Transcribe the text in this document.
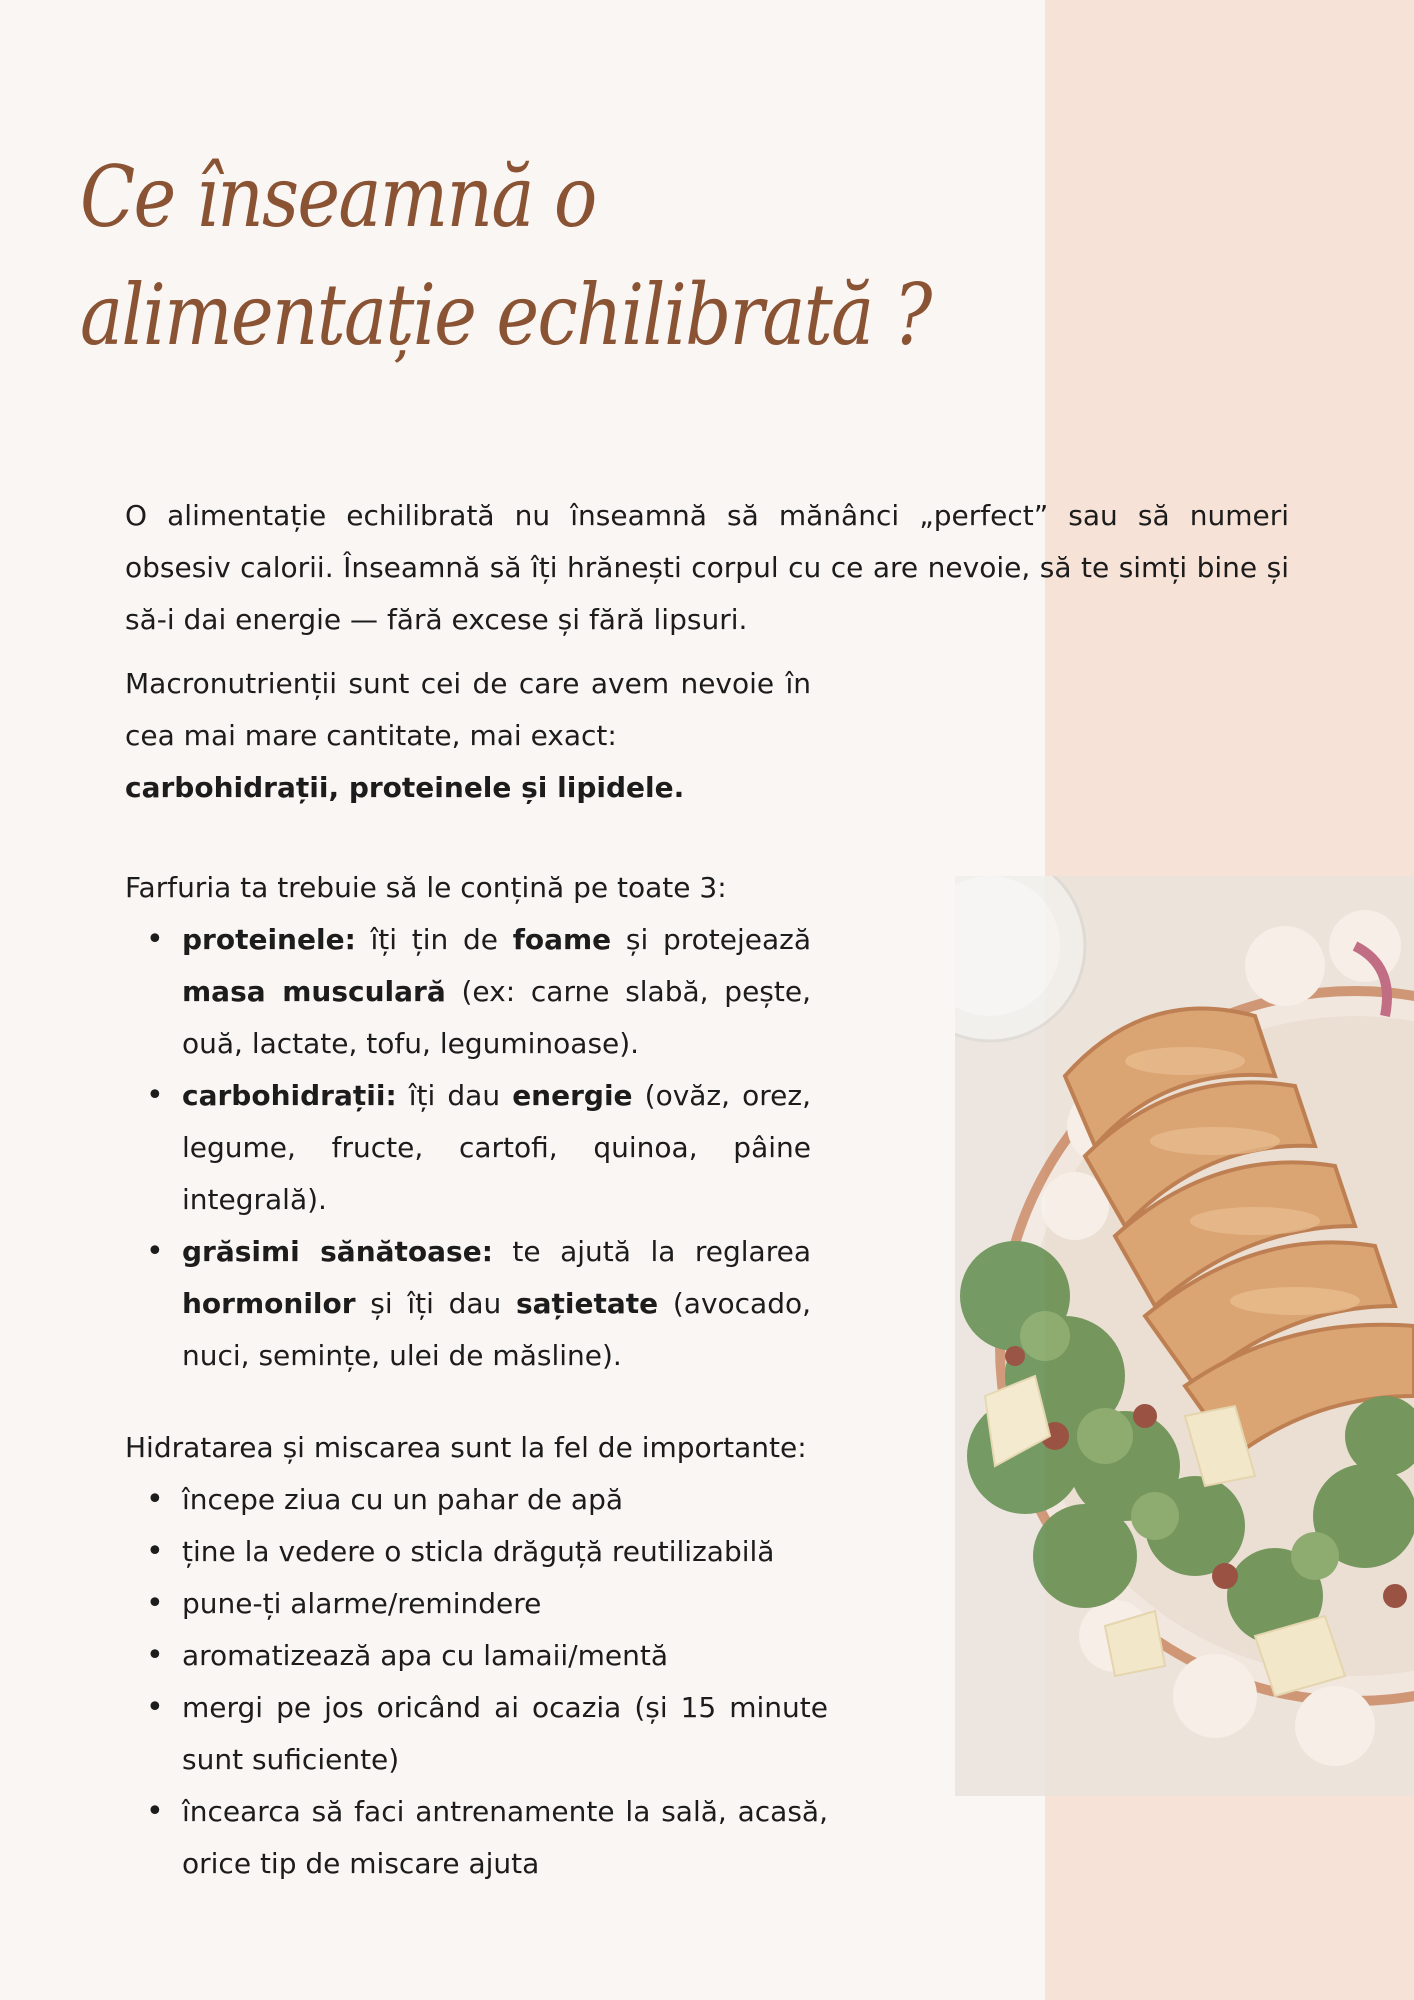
Ce înseamnă o
alimentație echilibrată ?

O alimentație echilibrată nu înseamnă să mănânci „perfect” sau să numeri obsesiv calorii. Înseamnă să îți hrănești corpul cu ce are nevoie, să te simți bine și să-i dai energie — fără excese și fără lipsuri.

Macronutrienții sunt cei de care avem nevoie în cea mai mare cantitate, mai exact:
carbohidrații, proteinele și lipidele.

Farfuria ta trebuie să le conțină pe toate 3:

• proteinele: îți țin de foame și protejează masa musculară (ex: carne slabă, pește, ouă, lactate, tofu, leguminoase).
• carbohidrații: îți dau energie (ovăz, orez, legume, fructe, cartofi, quinoa, pâine integrală).
• grăsimi sănătoase: te ajută la reglarea hormonilor și îți dau sațietate (avocado, nuci, semințe, ulei de măsline).

Hidratarea și miscarea sunt la fel de importante:

• începe ziua cu un pahar de apă
• ține la vedere o sticla drăguță reutilizabilă
• pune-ți alarme/remindere
• aromatizează apa cu lamaii/mentă
• mergi pe jos oricând ai ocazia (și 15 minute sunt suficiente)
• încearca să faci antrenamente la sală, acasă, orice tip de miscare ajuta
